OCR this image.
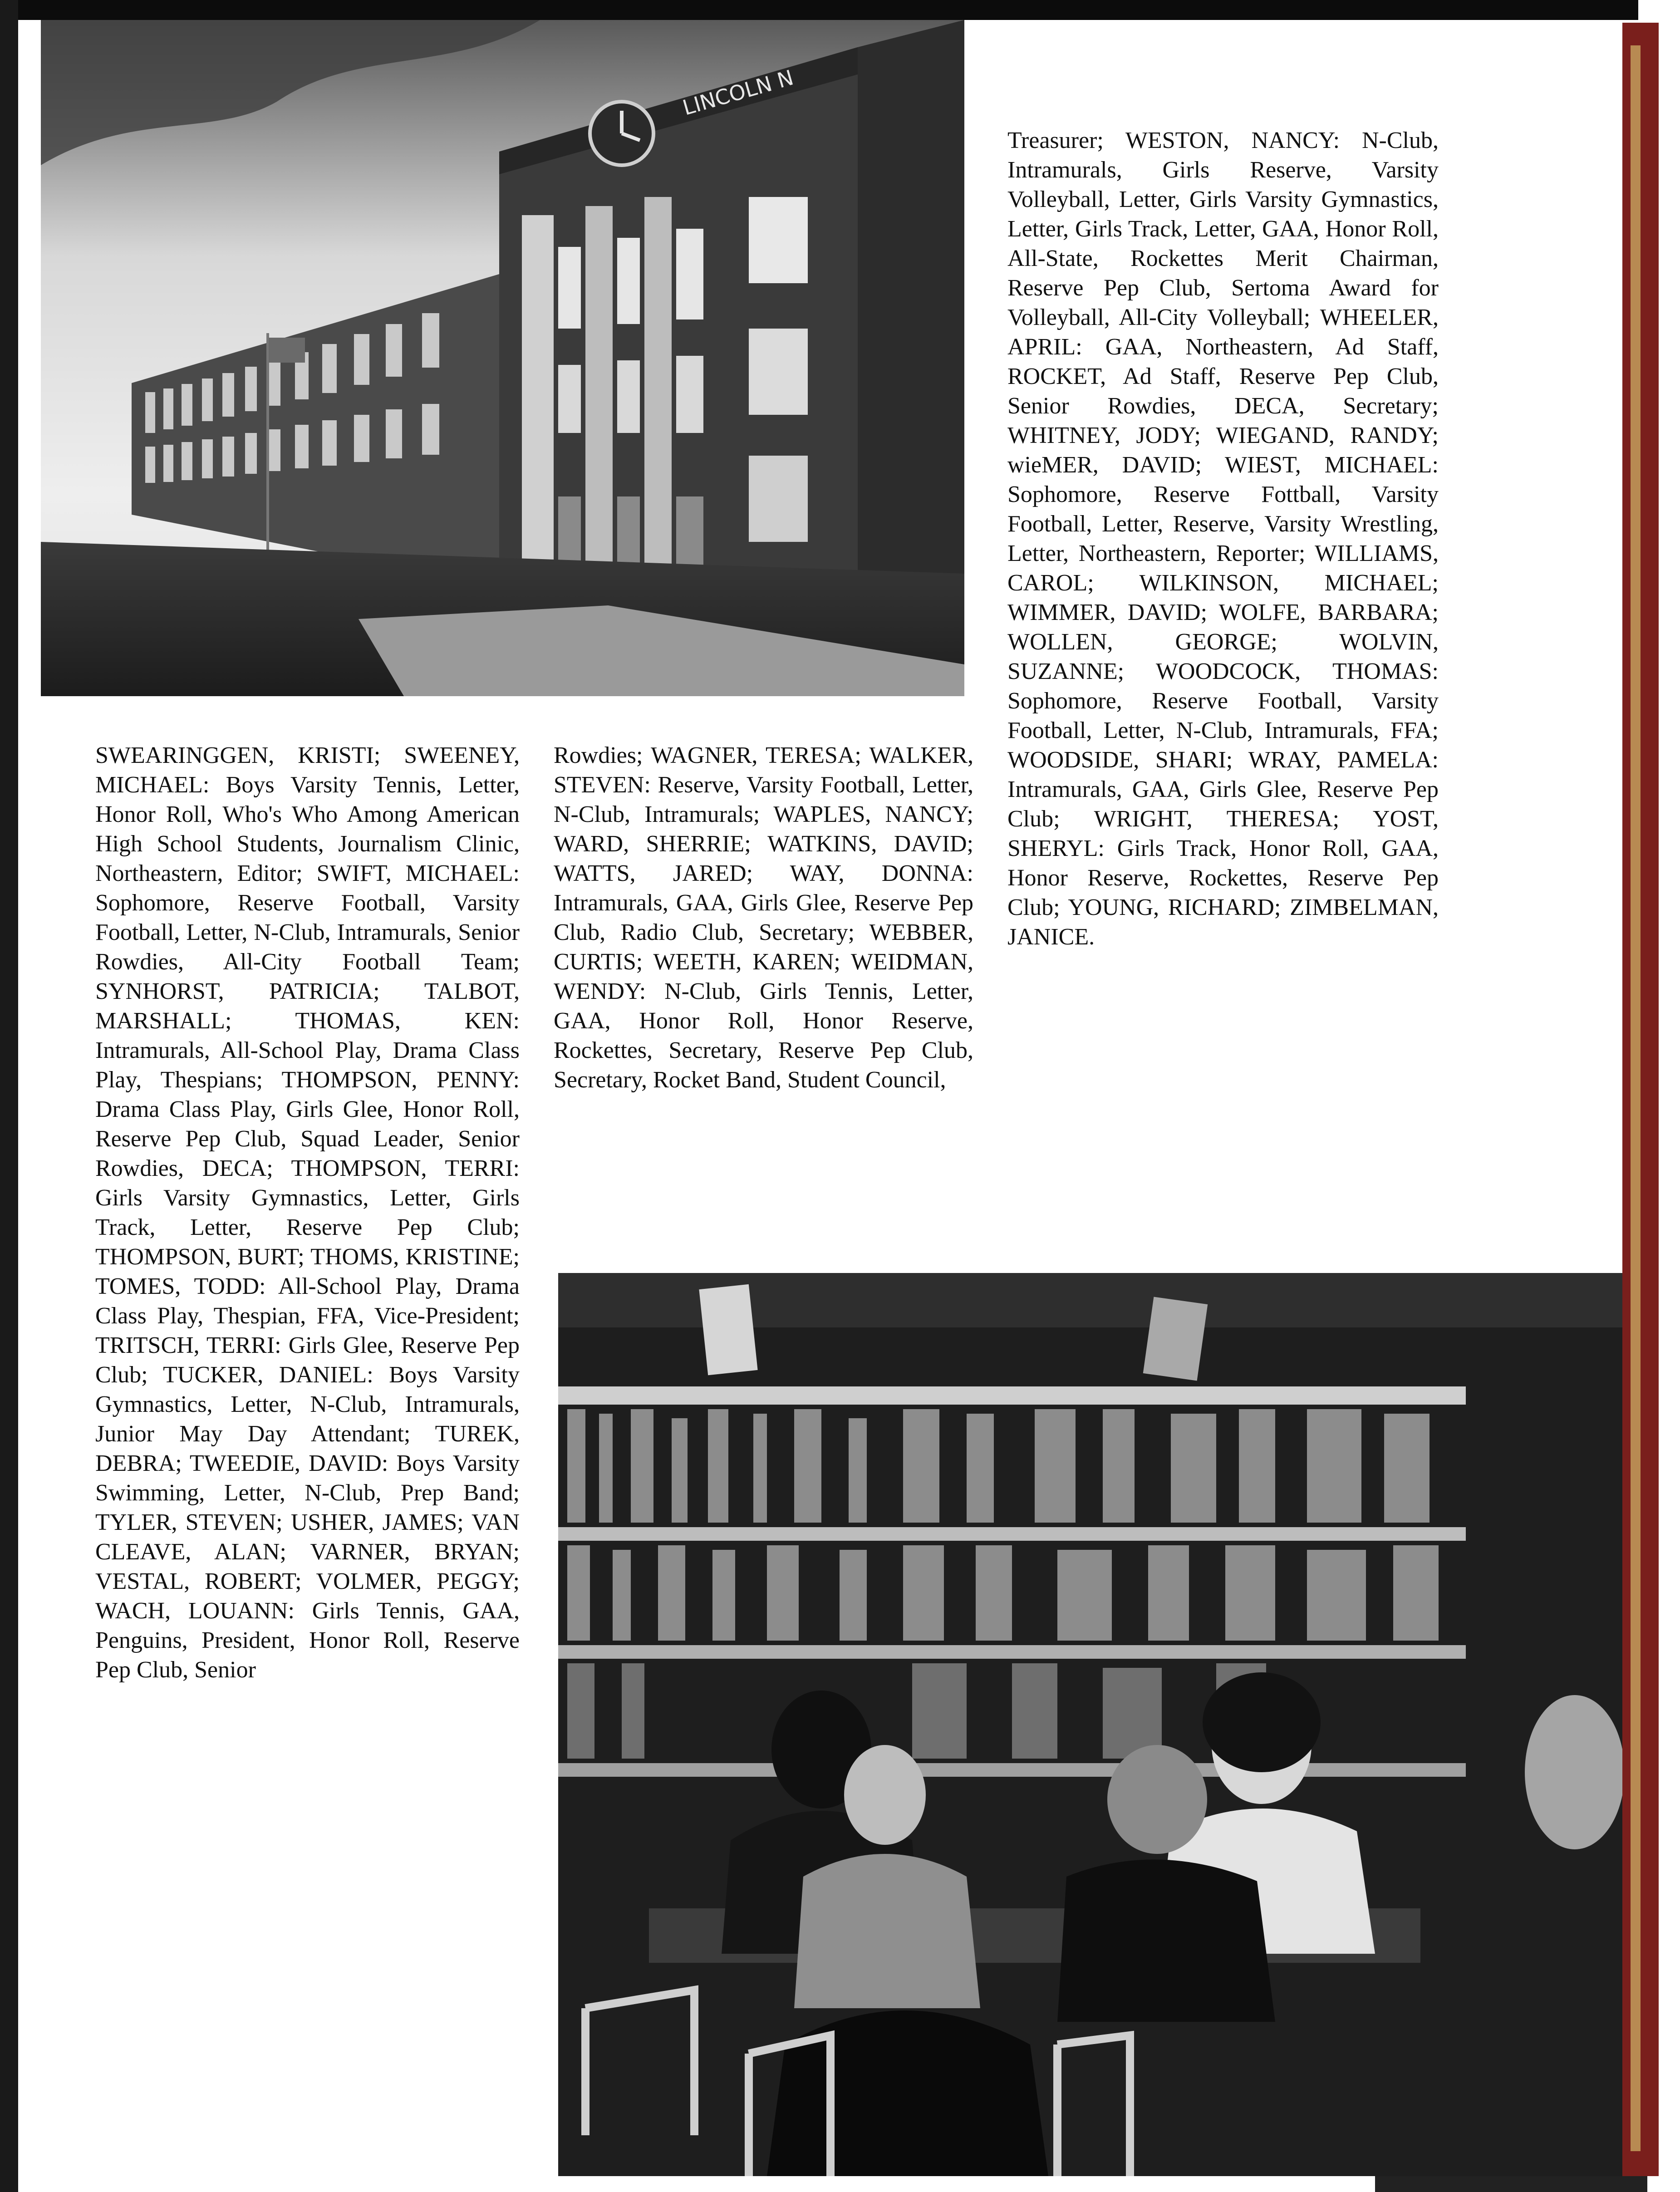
LINCOLN N

SWEARINGGEN, KRISTI; SWEENEY, MICHAEL: Boys Varsity Tennis, Letter, Honor Roll, Who's Who Among American High School Students, Journalism Clinic, Northeastern, Editor; SWIFT, MICHAEL: Sophomore, Reserve Football, Varsity Football, Letter, N-Club, Intramurals, Senior Rowdies, All-City Football Team; SYNHORST, PATRICIA; TALBOT, MARSHALL; THOMAS, KEN: Intramurals, All-School Play, Drama Class Play, Thespians; THOMPSON, PENNY: Drama Class Play, Girls Glee, Honor Roll, Reserve Pep Club, Squad Leader, Senior Rowdies, DECA; THOMPSON, TERRI: Girls Varsity Gymnastics, Letter, Girls Track, Letter, Reserve Pep Club; THOMPSON, BURT; THOMS, KRISTINE; TOMES, TODD: All-School Play, Drama Class Play, Thespian, FFA, Vice-President; TRITSCH, TERRI: Girls Glee, Reserve Pep Club; TUCKER, DANIEL: Boys Varsity Gymnastics, Letter, N-Club, Intramurals, Junior May Day Attendant; TUREK, DEBRA; TWEEDIE, DAVID: Boys Varsity Swimming, Letter, N-Club, Prep Band; TYLER, STEVEN; USHER, JAMES; VAN CLEAVE, ALAN; VARNER, BRYAN; VESTAL, ROBERT; VOLMER, PEGGY; WACH, LOUANN: Girls Tennis, GAA, Penguins, President, Honor Roll, Reserve Pep Club, Senior

Rowdies; WAGNER, TERESA; WALKER, STEVEN: Reserve, Varsity Football, Letter, N-Club, Intramurals; WAPLES, NANCY; WARD, SHERRIE; WATKINS, DAVID; WATTS, JARED; WAY, DONNA: Intramurals, GAA, Girls Glee, Reserve Pep Club, Radio Club, Secretary; WEBBER, CURTIS; WEETH, KAREN; WEIDMAN, WENDY: N-Club, Girls Tennis, Letter, GAA, Honor Roll, Honor Reserve, Rockettes, Secretary, Reserve Pep Club, Secretary, Rocket Band, Student Council,

Treasurer; WESTON, NANCY: N-Club, Intramurals, Girls Reserve, Varsity Volleyball, Letter, Girls Varsity Gymnastics, Letter, Girls Track, Letter, GAA, Honor Roll, All-State, Rockettes Merit Chairman, Reserve Pep Club, Sertoma Award for Volleyball, All-City Volleyball; WHEELER, APRIL: GAA, Northeastern, Ad Staff, ROCKET, Ad Staff, Reserve Pep Club, Senior Rowdies, DECA, Secretary; WHITNEY, JODY; WIEGAND, RANDY; wieMER, DAVID; WIEST, MICHAEL: Sophomore, Reserve Fottball, Varsity Football, Letter, Reserve, Varsity Wrestling, Letter, Northeastern, Reporter; WILLIAMS, CAROL; WILKINSON, MICHAEL; WIMMER, DAVID; WOLFE, BARBARA; WOLLEN, GEORGE; WOLVIN, SUZANNE; WOODCOCK, THOMAS: Sophomore, Reserve Football, Varsity Football, Letter, N-Club, Intramurals, FFA; WOODSIDE, SHARI; WRAY, PAMELA: Intramurals, GAA, Girls Glee, Reserve Pep Club; WRIGHT, THERESA; YOST, SHERYL: Girls Track, Honor Roll, GAA, Honor Reserve, Rockettes, Reserve Pep Club; YOUNG, RICHARD; ZIMBELMAN, JANICE.
